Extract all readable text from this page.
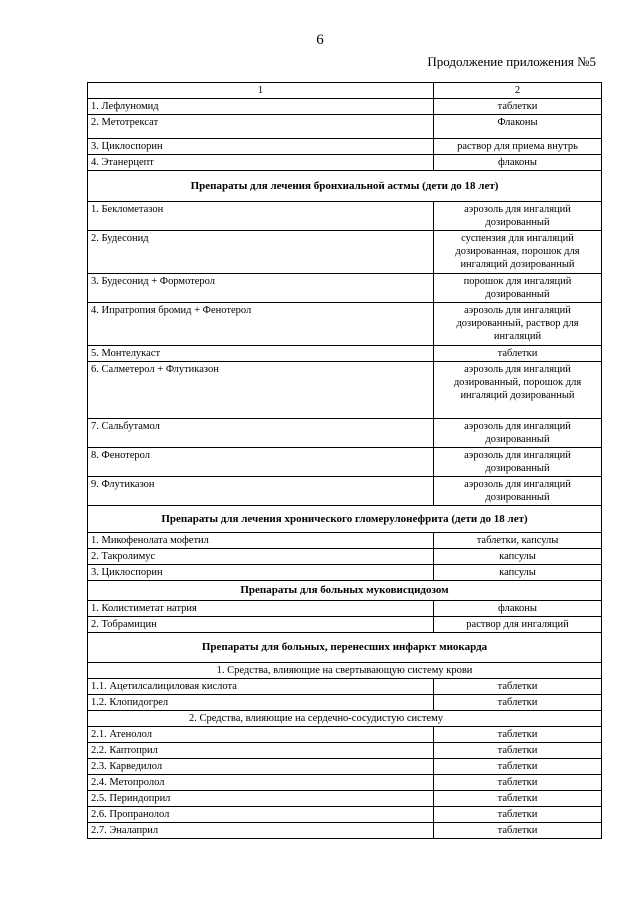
6
Продолжение приложения №5
1	2
1. Лефлуномид	таблетки
2. Метотрексат	Флаконы
3. Циклоспорин	раствор для приема внутрь
4. Этанерцепт	флаконы
Препараты для лечения бронхиальной астмы (дети до 18 лет)	
1. Беклометазон	аэрозоль для ингаляций дозированный
2. Будесонид	суспензия для ингаляций дозированная, порошок для ингаляций дозированный
3. Будесонид + Формотерол	порошок для ингаляций дозированный
4. Ипратропия бромид + Фенотерол	аэрозоль для ингаляций дозированный, раствор для ингаляций
5. Монтелукаст	таблетки
6. Салметерол + Флутиказон	аэрозоль для ингаляций дозированный, порошок для ингаляций дозированный
7. Сальбутамол	аэрозоль для ингаляций дозированный
8. Фенотерол	аэрозоль для ингаляций дозированный
9. Флутиказон	аэрозоль для ингаляций дозированный
Препараты для лечения хронического гломерулонефрита (дети до 18 лет)	
1. Микофенолата мофетил	таблетки, капсулы
2. Такролимус	капсулы
3. Циклоспорин	капсулы
Препараты для больных муковисцидозом	
1. Колистиметат натрия	флаконы
2. Тобрамицин	раствор для ингаляций
Препараты для больных, перенесших инфаркт миокарда	
1. Средства, влияющие на свертывающую систему крови	
1.1. Ацетилсалициловая кислота	таблетки
1.2. Клопидогрел	таблетки
2. Средства, влияющие на сердечно-сосудистую систему	
2.1. Атенолол	таблетки
2.2. Каптоприл	таблетки
2.3. Карведилол	таблетки
2.4. Метопролол	таблетки
2.5. Периндоприл	таблетки
2.6. Пропранолол	таблетки
2.7. Эналаприл	таблетки
